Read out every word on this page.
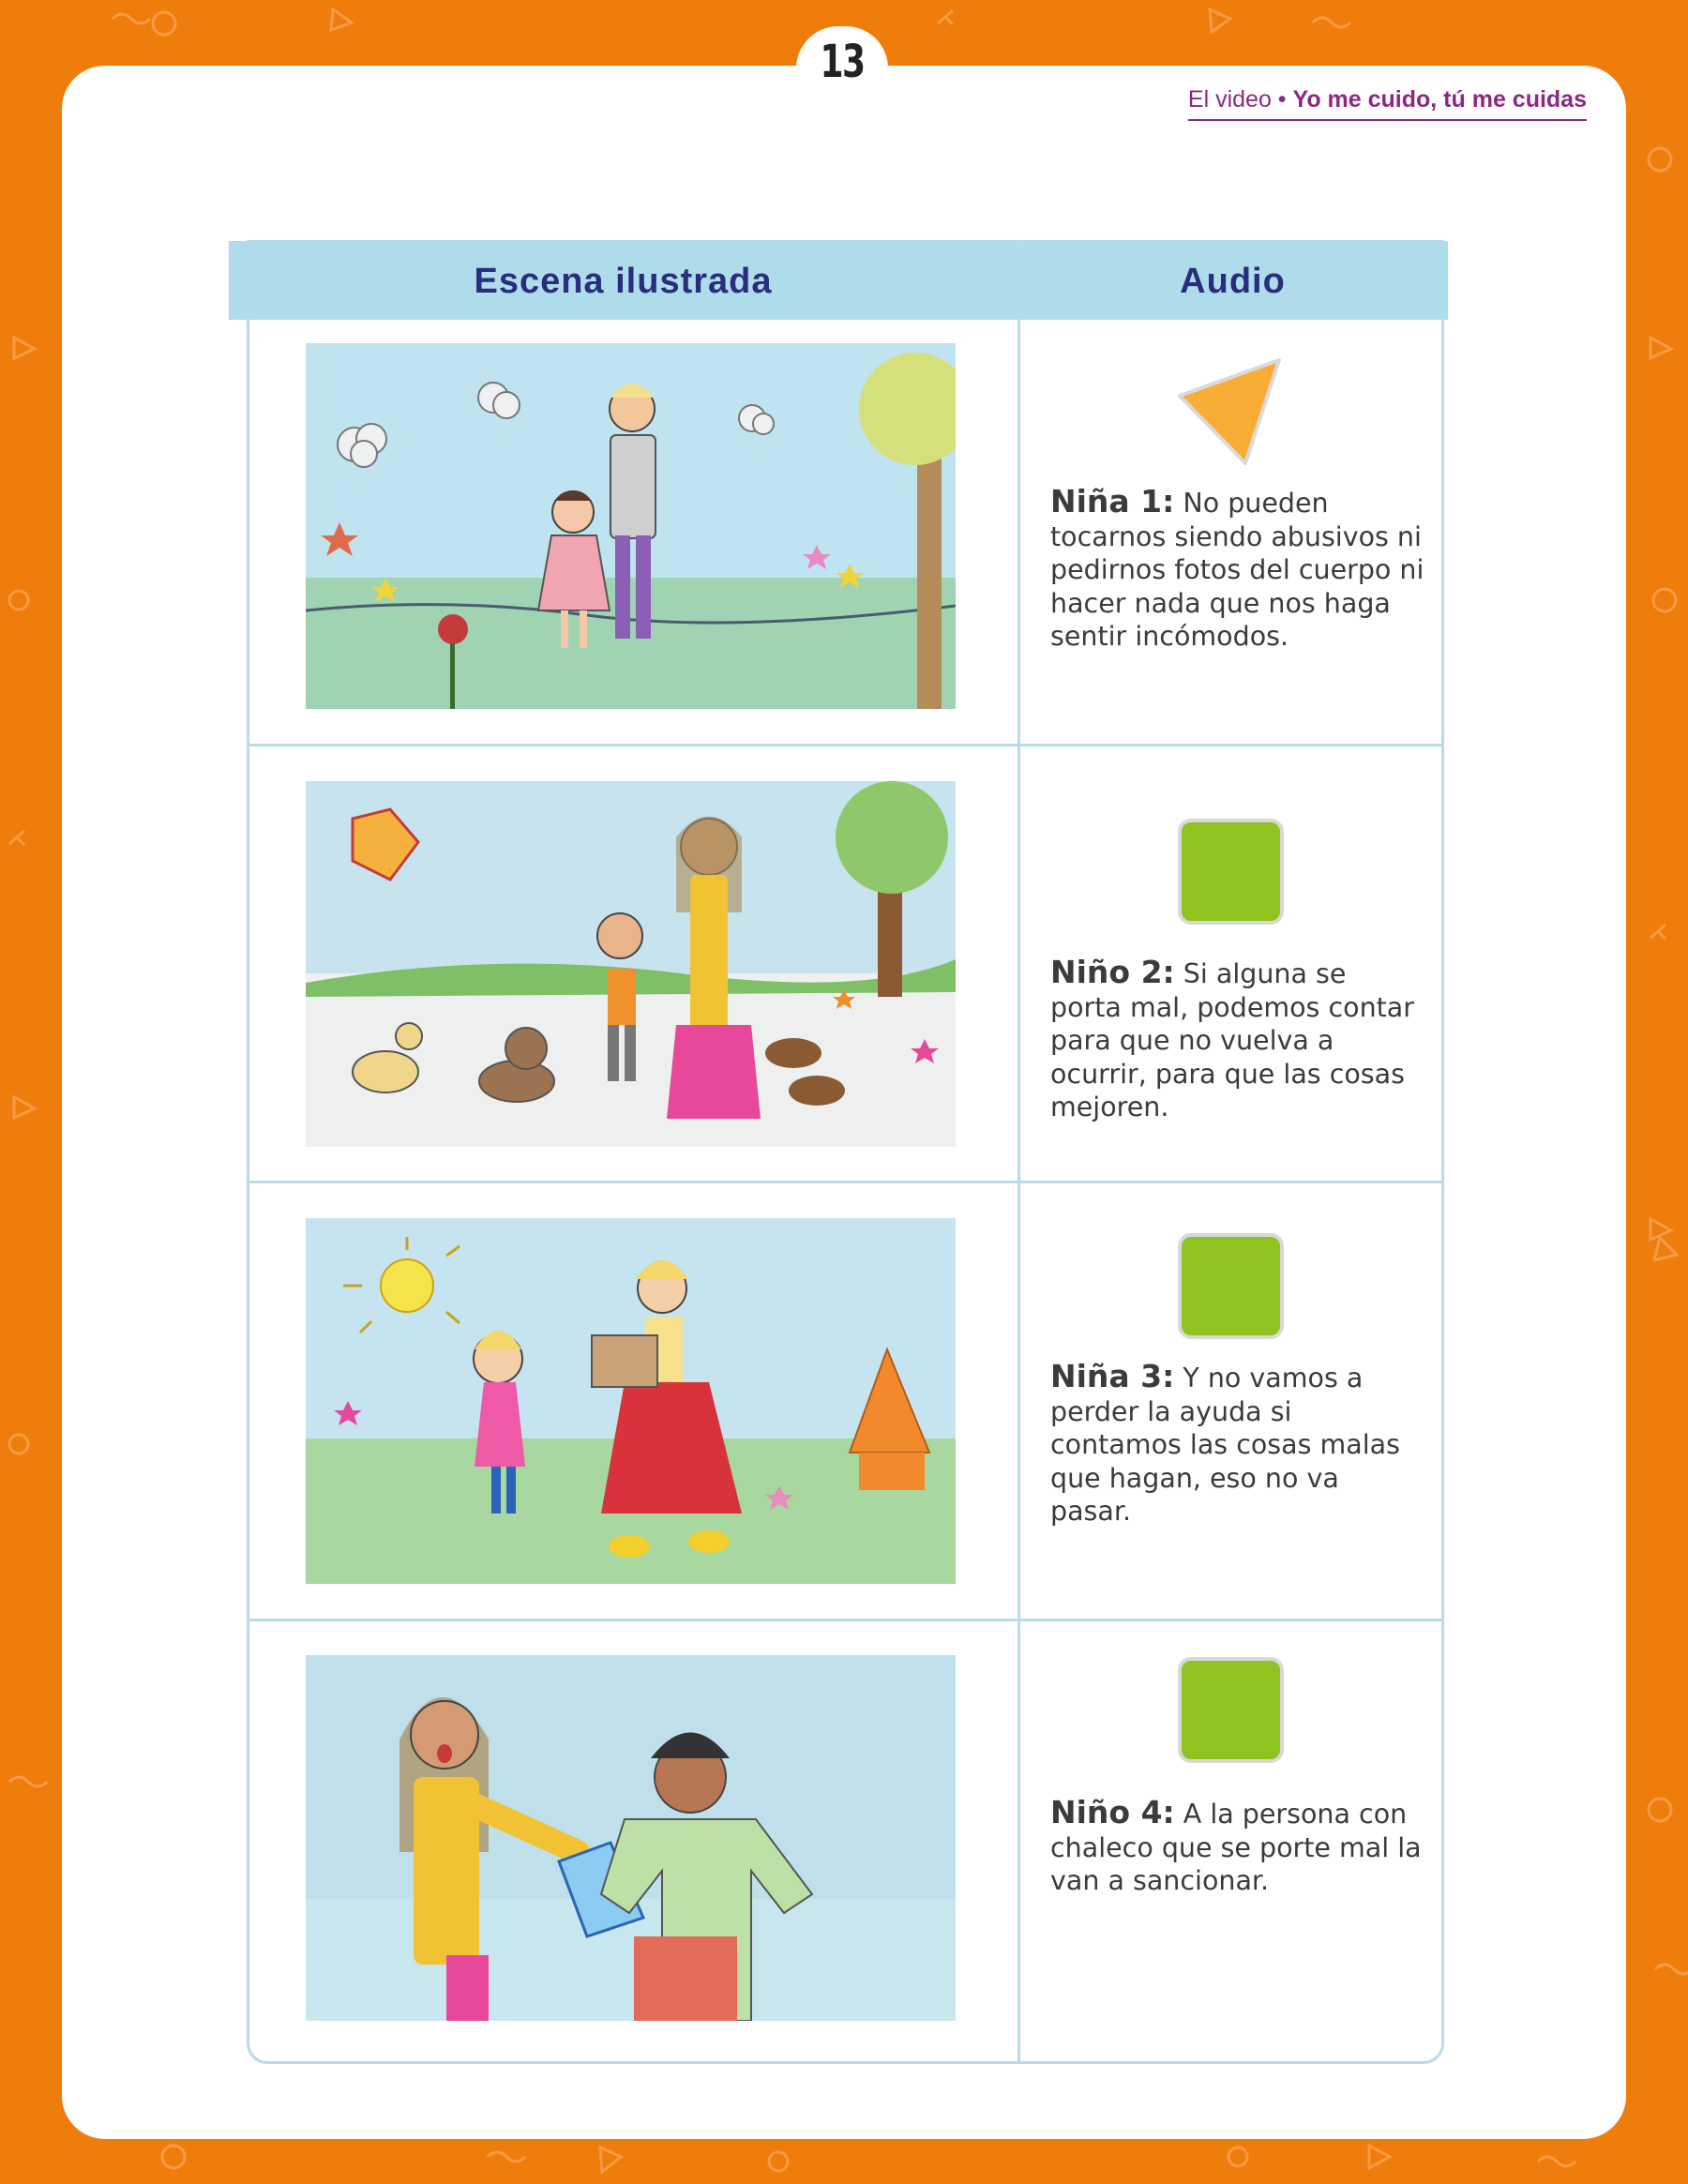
13
El video • Yo me cuido, tú me cuidas
Escena ilustrada	Audio
Niña 1: No pueden tocarnos siendo abusivos ni pedirnos fotos del cuerpo ni hacer nada que nos haga sentir incómodos.
Niño 2: Si alguna se porta mal, podemos contar para que no vuelva a ocurrir, para que las cosas mejoren.
Niña 3: Y no vamos a perder la ayuda si contamos las cosas malas que hagan, eso no va pasar.
Niño 4: A la persona con chaleco que se porte mal la van a sancionar.
